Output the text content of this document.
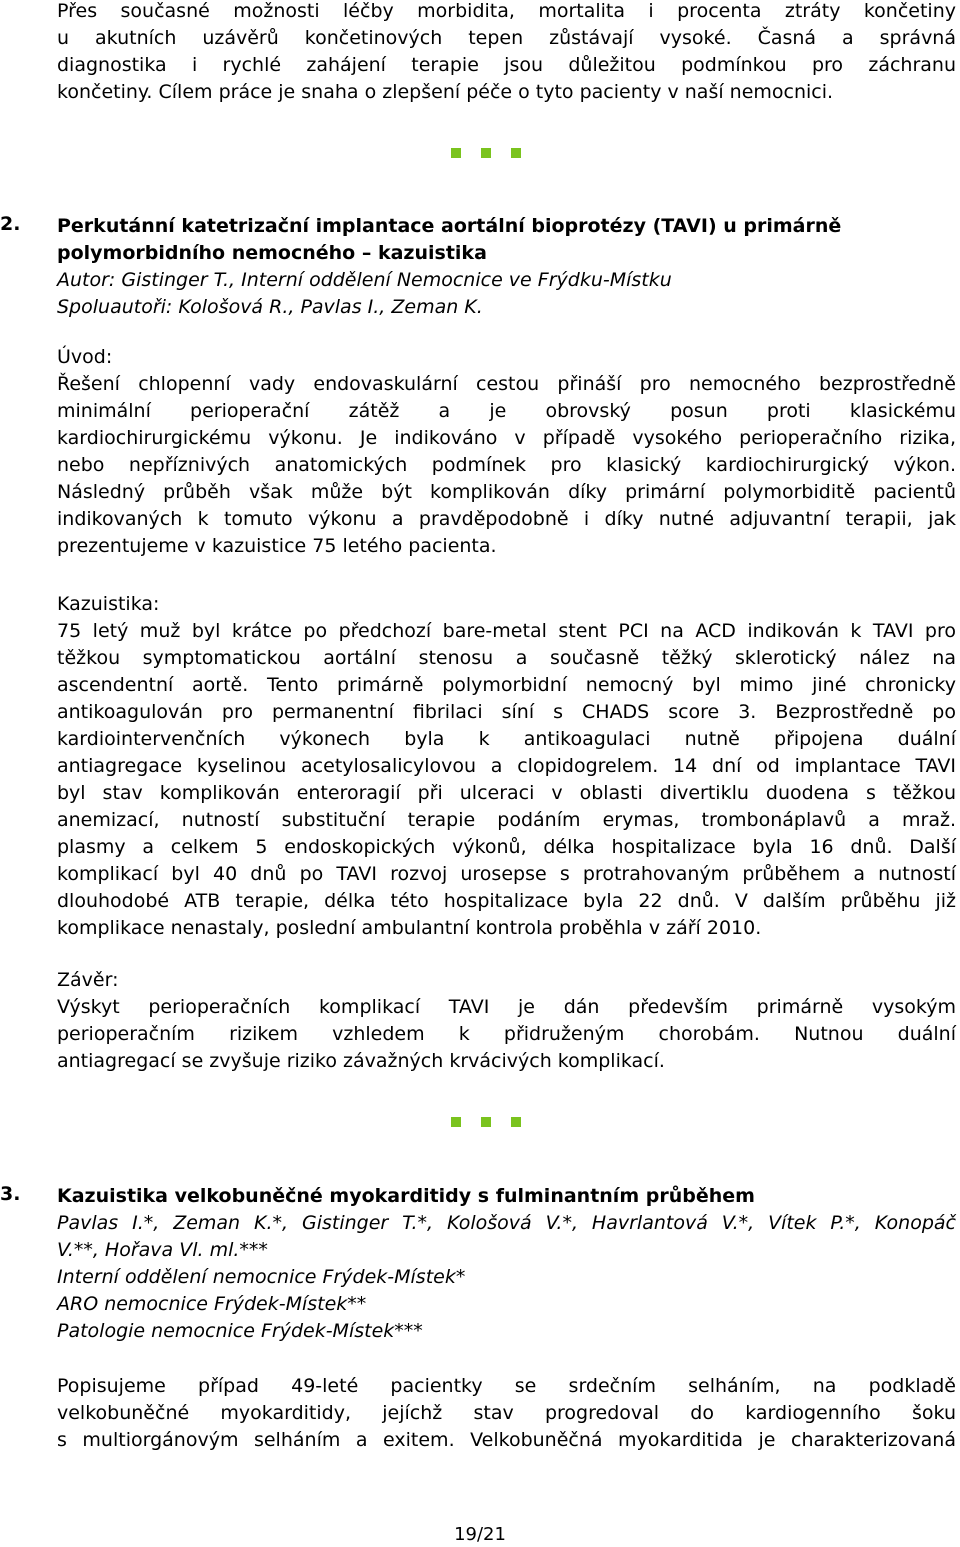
Přes současné možnosti léčby morbidita, mortalita i procenta ztráty končetiny

u akutních uzávěrů končetinových tepen zůstávají vysoké. Časná a správná

diagnostika i rychlé zahájení terapie jsou důležitou podmínkou pro záchranu

končetiny. Cílem práce je snaha o zlepšení péče o tyto pacienty v naší nemocnici.

2.	Perkutánní katetrizační implantace aortální bioprotézy (TAVI) u primárně

polymorbidního nemocného – kazuistika

Autor: Gistinger T., Interní oddělení Nemocnice ve Frýdku-Místku

Spoluautoři: Kološová R., Pavlas I., Zeman K.

Úvod:

Řešení chlopenní vady endovaskulární cestou přináší pro nemocného bezprostředně

minimální perioperační zátěž a je obrovský posun proti klasickému

kardiochirurgickému výkonu. Je indikováno v případě vysokého perioperačního rizika,

nebo nepříznivých anatomických podmínek pro klasický kardiochirurgický výkon.

Následný průběh však může být komplikován díky primární polymorbiditě pacientů

indikovaných k tomuto výkonu a pravděpodobně i díky nutné adjuvantní terapii, jak

prezentujeme v kazuistice 75 letého pacienta.

Kazuistika:

75 letý muž byl krátce po předchozí bare-metal stent PCI na ACD indikován k TAVI pro

těžkou symptomatickou aortální stenosu a současně těžký sklerotický nález na

ascendentní aortě. Tento primárně polymorbidní nemocný byl mimo jiné chronicky

antikoagulován pro permanentní fibrilaci síní s CHADS score 3. Bezprostředně po

kardiointervenčních výkonech byla k antikoagulaci nutně připojena duální

antiagregace kyselinou acetylosalicylovou a clopidogrelem. 14 dní od implantace TAVI

byl stav komplikován enteroragií při ulceraci v oblasti divertiklu duodena s těžkou

anemizací, nutností substituční terapie podáním erymas, trombonáplavů a mraž.

plasmy a celkem 5 endoskopických výkonů, délka hospitalizace byla 16 dnů. Další

komplikací byl 40 dnů po TAVI rozvoj urosepse s protrahovaným průběhem a nutností

dlouhodobé ATB terapie, délka této hospitalizace byla 22 dnů. V dalším průběhu již

komplikace nenastaly, poslední ambulantní kontrola proběhla v září 2010.

Závěr:

Výskyt perioperačních komplikací TAVI je dán především primárně vysokým

perioperačním rizikem vzhledem k přidruženým chorobám. Nutnou duální

antiagregací se zvyšuje riziko závažných krvácivých komplikací.

3.	Kazuistika velkobuněčné myokarditidy s fulminantním průběhem

Pavlas I.*, Zeman K.*, Gistinger T.*, Kološová V.*, Havrlantová V.*, Vítek P.*, Konopáč

V.**, Hořava Vl. ml.***

Interní oddělení nemocnice Frýdek-Místek*

ARO nemocnice Frýdek-Místek**

Patologie nemocnice Frýdek-Místek***

Popisujeme případ 49-leté pacientky se srdečním selháním, na podkladě

velkobuněčné myokarditidy, jejíchž stav progredoval do kardiogenního šoku

s multiorgánovým selháním a exitem. Velkobuněčná myokarditida je charakterizovaná

19/21
